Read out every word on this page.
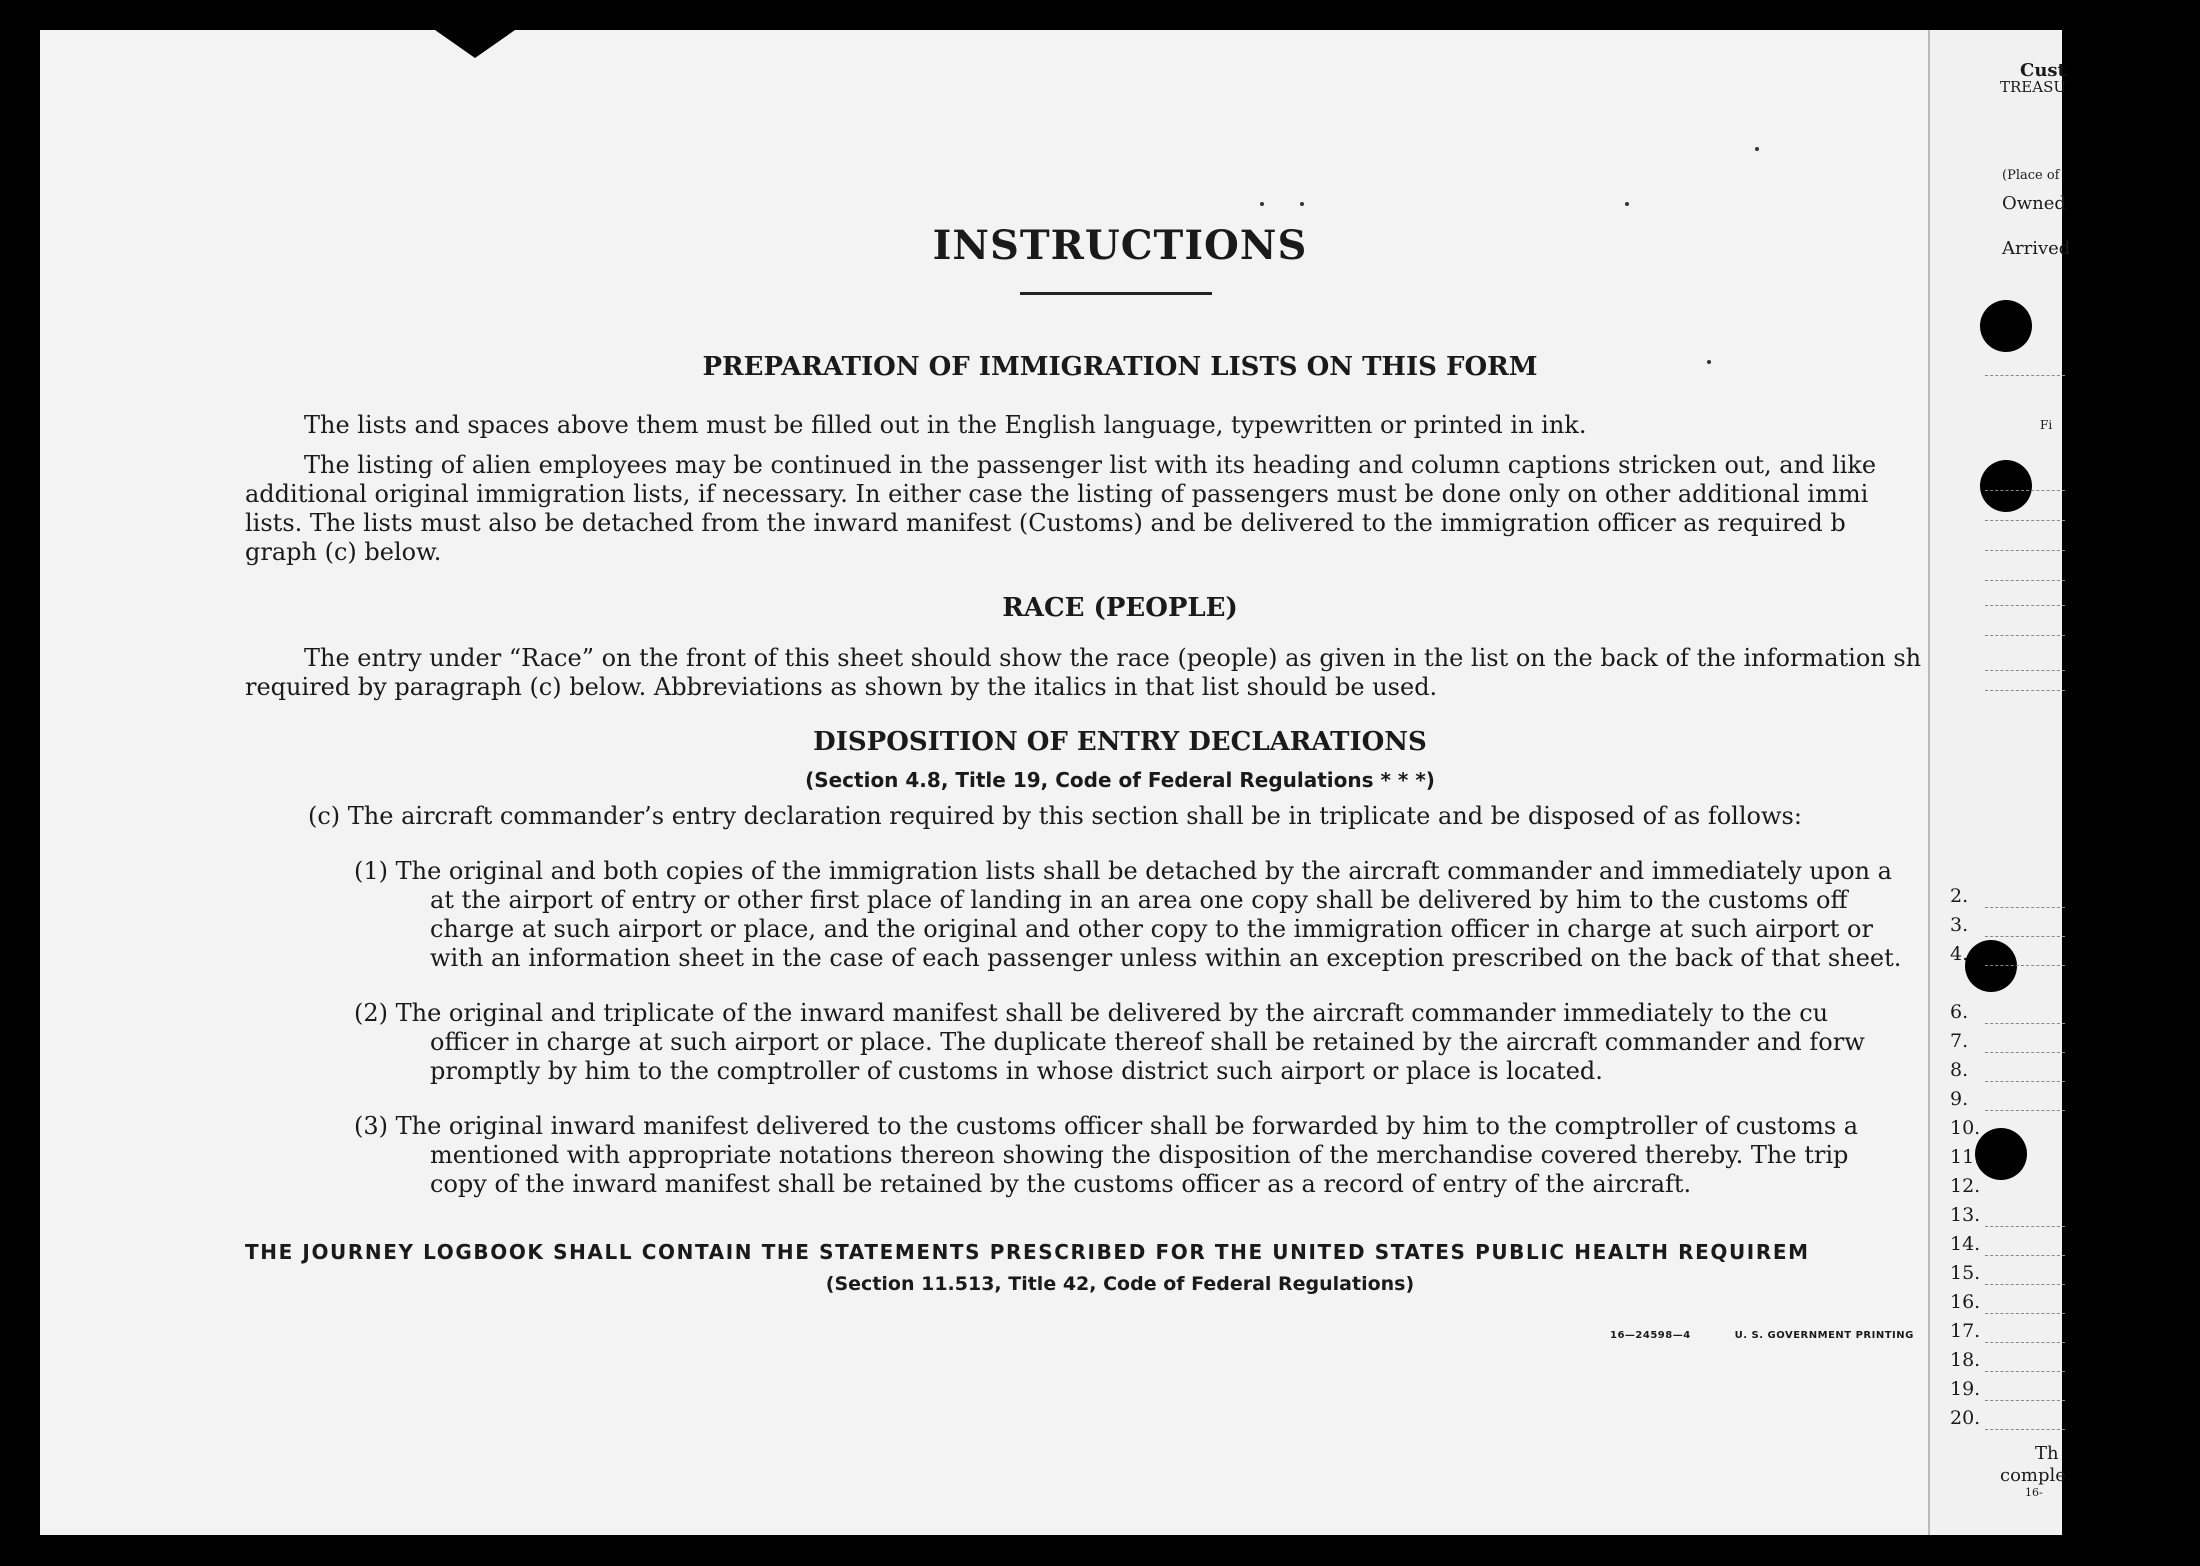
INSTRUCTIONS
PREPARATION OF IMMIGRATION LISTS ON THIS FORM
The lists and spaces above them must be filled out in the English language, typewritten or printed in ink.
The listing of alien employees may be continued in the passenger list with its heading and column captions stricken out, and like
additional original immigration lists, if necessary. In either case the listing of passengers must be done only on other additional immi
lists. The lists must also be detached from the inward manifest (Customs) and be delivered to the immigration officer as required b
graph (c) below.
RACE (PEOPLE)
The entry under “Race” on the front of this sheet should show the race (people) as given in the list on the back of the information sh
required by paragraph (c) below. Abbreviations as shown by the italics in that list should be used.
DISPOSITION OF ENTRY DECLARATIONS
(Section 4.8, Title 19, Code of Federal Regulations * * *)
(c) The aircraft commander’s entry declaration required by this section shall be in triplicate and be disposed of as follows:
(1) The original and both copies of the immigration lists shall be detached by the aircraft commander and immediately upon a
at the airport of entry or other first place of landing in an area one copy shall be delivered by him to the customs off
charge at such airport or place, and the original and other copy to the immigration officer in charge at such airport or
with an information sheet in the case of each passenger unless within an exception prescribed on the back of that sheet.
(2) The original and triplicate of the inward manifest shall be delivered by the aircraft commander immediately to the cu
officer in charge at such airport or place. The duplicate thereof shall be retained by the aircraft commander and forw
promptly by him to the comptroller of customs in whose district such airport or place is located.
(3) The original inward manifest delivered to the customs officer shall be forwarded by him to the comptroller of customs a
mentioned with appropriate notations thereon showing the disposition of the merchandise covered thereby. The trip
copy of the inward manifest shall be retained by the customs officer as a record of entry of the aircraft.
THE JOURNEY LOGBOOK SHALL CONTAIN THE STATEMENTS PRESCRIBED FOR THE UNITED STATES PUBLIC HEALTH REQUIREM
(Section 11.513, Title 42, Code of Federal Regulations)
16—24598—4	U. S. GOVERNMENT PRINTING
Cust
TREASU
(Place of
Owned
Arrived
Fi
2.
3.
4.
6.
7.
8.
9.
10.
11.
12.
13.
14.
15.
16.
17.
18.
19.
20.
Th
comple
16-
